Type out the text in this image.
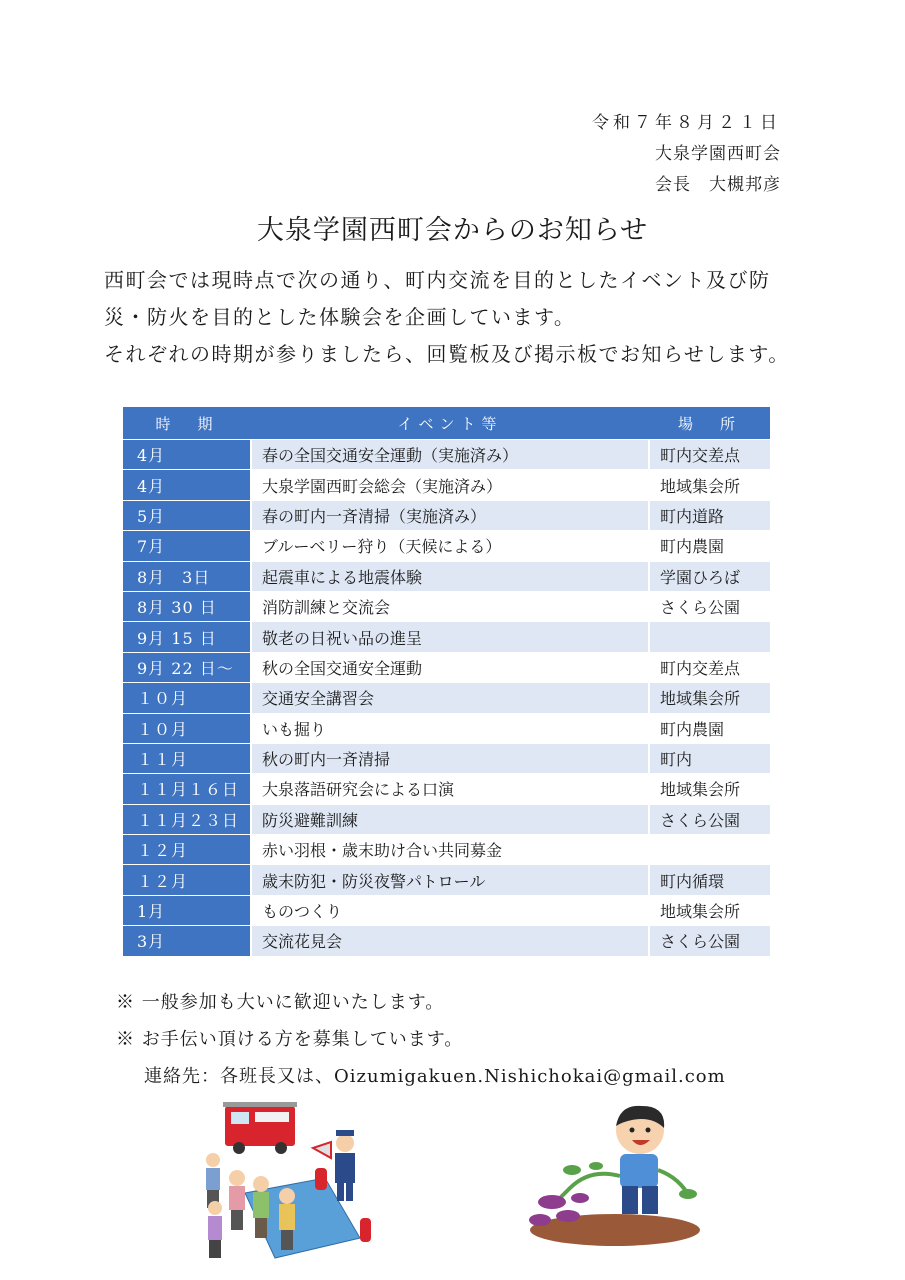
令和７年８月２１日
大泉学園西町会
会長　大槻邦彦
大泉学園西町会からのお知らせ

西町会では現時点で次の通り、町内交流を目的としたイベント及び防

災・防火を目的とした体験会を企画しています。

それぞれの時期が参りましたら、回覧板及び掲示板でお知らせします。

時　期	イベント等	場　所
4月	春の全国交通安全運動（実施済み）	町内交差点
4月	大泉学園西町会総会（実施済み）	地域集会所
5月	春の町内一斉清掃（実施済み）	町内道路
7月	ブルーベリー狩り（天候による）	町内農園
8月　3日	起震車による地震体験	学園ひろば
8月 30 日	消防訓練と交流会	さくら公園
9月 15 日	敬老の日祝い品の進呈	
9月 22 日～	秋の全国交通安全運動	町内交差点
１０月	交通安全講習会	地域集会所
１０月	いも掘り	町内農園
１１月	秋の町内一斉清掃	町内
１１月１６日	大泉落語研究会による口演	地域集会所
１１月２３日	防災避難訓練	さくら公園
１２月	赤い羽根・歳末助け合い共同募金	
１２月	歳末防犯・防災夜警パトロール	町内循環
1月	ものつくり	地域集会所
3月	交流花見会	さくら公園

※ 一般参加も大いに歓迎いたします。

※ お手伝い頂ける方を募集しています。

連絡先：各班長又は、Oizumigakuen.Nishichokai@gmail.com
